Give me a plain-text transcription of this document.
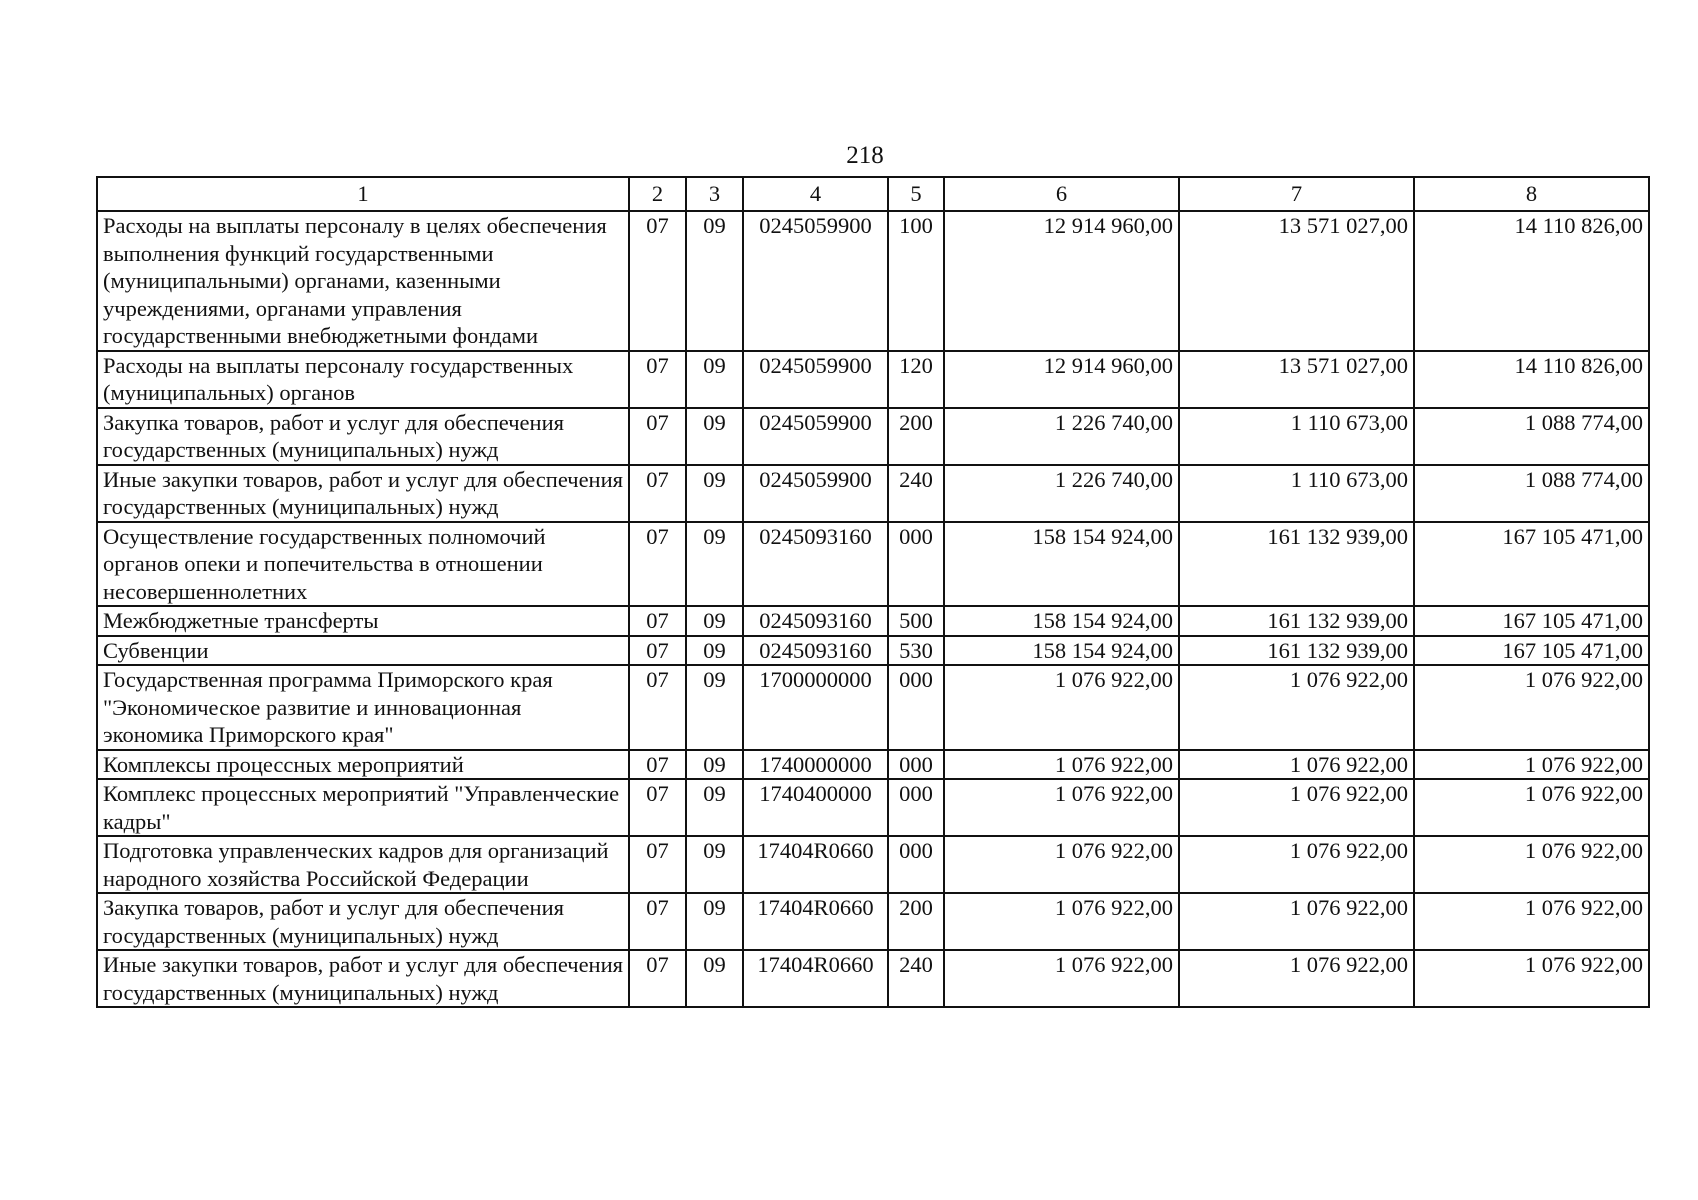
218
1	2	3	4	5	6	7	8
Расходы на выплаты персоналу в целях обеспечения выполнения функций государственными (муниципальными) органами, казенными учреждениями, органами управления государственными внебюджетными фондами	07	09	0245059900	100	12 914 960,00	13 571 027,00	14 110 826,00
Расходы на выплаты персоналу государственных (муниципальных) органов	07	09	0245059900	120	12 914 960,00	13 571 027,00	14 110 826,00
Закупка товаров, работ и услуг для обеспечения государственных (муниципальных) нужд	07	09	0245059900	200	1 226 740,00	1 110 673,00	1 088 774,00
Иные закупки товаров, работ и услуг для обеспечения государственных (муниципальных) нужд	07	09	0245059900	240	1 226 740,00	1 110 673,00	1 088 774,00
Осуществление государственных полномочий органов опеки и попечительства в отношении несовершеннолетних	07	09	0245093160	000	158 154 924,00	161 132 939,00	167 105 471,00
Межбюджетные трансферты	07	09	0245093160	500	158 154 924,00	161 132 939,00	167 105 471,00
Субвенции	07	09	0245093160	530	158 154 924,00	161 132 939,00	167 105 471,00
Государственная программа Приморского края "Экономическое развитие и инновационная экономика Приморского края"	07	09	1700000000	000	1 076 922,00	1 076 922,00	1 076 922,00
Комплексы процессных мероприятий	07	09	1740000000	000	1 076 922,00	1 076 922,00	1 076 922,00
Комплекс процессных мероприятий "Управленческие кадры"	07	09	1740400000	000	1 076 922,00	1 076 922,00	1 076 922,00
Подготовка управленческих кадров для организаций народного хозяйства Российской Федерации	07	09	17404R0660	000	1 076 922,00	1 076 922,00	1 076 922,00
Закупка товаров, работ и услуг для обеспечения государственных (муниципальных) нужд	07	09	17404R0660	200	1 076 922,00	1 076 922,00	1 076 922,00
Иные закупки товаров, работ и услуг для обеспечения государственных (муниципальных) нужд	07	09	17404R0660	240	1 076 922,00	1 076 922,00	1 076 922,00
